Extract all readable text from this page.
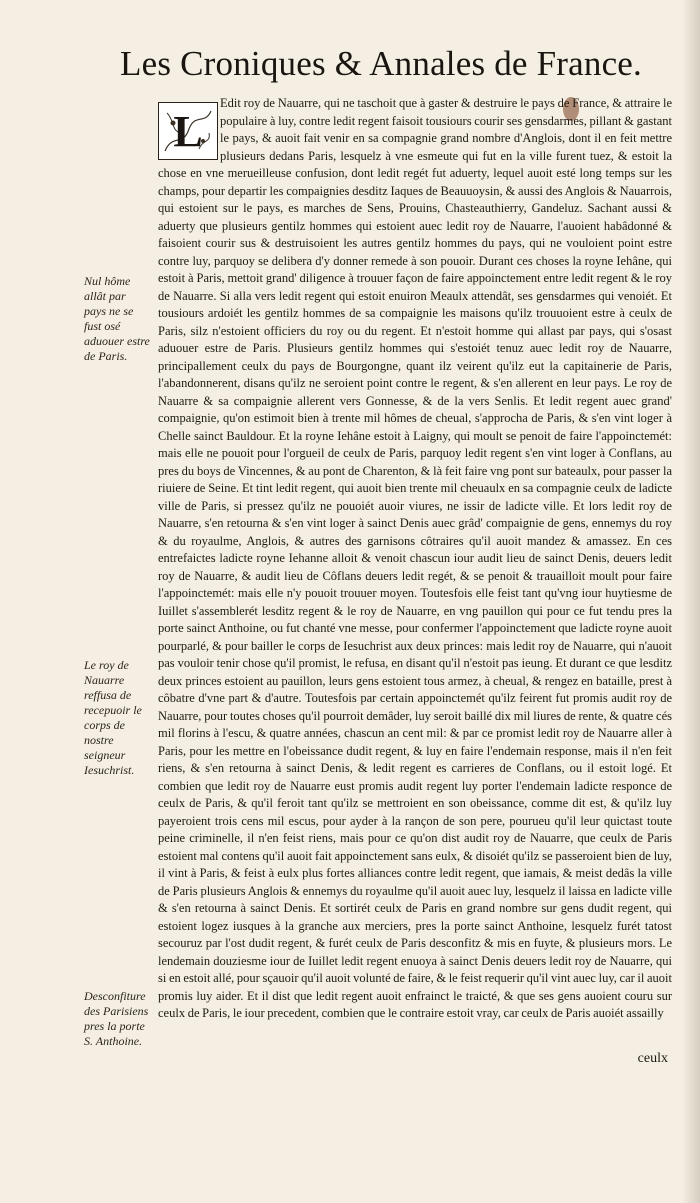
Les Croniques & Annales de France.
L

Edit roy de Nauarre, qui ne taschoit que à gaster & destruire le pays de France, & attraire le populaire à luy, contre ledit regent faisoit tousiours courir ses gensdarmes, pillant & gastant le pays, & auoit fait venir en sa compagnie grand nombre d'Anglois, dont il en feit mettre plusieurs dedans Paris, lesquelz à vne esmeute qui fut en la ville furent tuez, & estoit la chose en vne merueilleuse confusion, dont ledit regét fut aduerty, lequel auoit esté long temps sur les champs, pour departir les compaignies desditz Iaques de Beauuoysin, & aussi des Anglois & Nauarrois, qui estoient sur le pays, es marches de Sens, Prouins, Chasteauthierry, Gandeluz. Sachant aussi & aduerty que plusieurs gentilz hommes qui estoient auec ledit roy de Nauarre, l'auoient habâdonné & faisoient courir sus & destruisoient les autres gentilz hommes du pays, qui ne vouloient point estre contre luy, parquoy se delibera d'y donner remede à son pouoir. Durant ces choses la royne Iehâne, qui estoit à Paris, mettoit grand' diligence à trouuer façon de faire appoinctement entre ledit regent & le roy de Nauarre. Si alla vers ledit regent qui estoit enuiron Meaulx attendât, ses gensdarmes qui venoiét. Et tousiours ardoiét les gentilz hommes de sa compaignie les maisons qu'ilz trouuoient estre à ceulx de Paris, silz n'estoient officiers du roy ou du regent. Et n'estoit homme qui allast par pays, qui s'osast aduouer estre de Paris. Plusieurs gentilz hommes qui s'estoiét tenuz auec ledit roy de Nauarre, principallement ceulx du pays de Bourgongne, quant ilz veirent qu'ilz eut la capitainerie de Paris, l'abandonnerent, disans qu'ilz ne seroient point contre le regent, & s'en allerent en leur pays. Le roy de Nauarre & sa compaignie allerent vers Gonnesse, & de la vers Senlis. Et ledit regent auec grand' compaignie, qu'on estimoit bien à trente mil hômes de cheual, s'approcha de Paris, & s'en vint loger à Chelle sainct Bauldour. Et la royne Iehâne estoit à Laigny, qui moult se penoit de faire l'appoinctemét: mais elle ne pouoit pour l'orgueil de ceulx de Paris, parquoy ledit regent s'en vint loger à Conflans, au pres du boys de Vincennes, & au pont de Charenton, & là feit faire vng pont sur bateaulx, pour passer la riuiere de Seine. Et tint ledit regent, qui auoit bien trente mil cheuaulx en sa compagnie ceulx de ladicte ville de Paris, si pressez qu'ilz ne pouoiét auoir viures, ne issir de ladicte ville. Et lors ledit roy de Nauarre, s'en retourna & s'en vint loger à sainct Denis auec grâd' compaignie de gens, ennemys du roy & du royaulme, Anglois, & autres des garnisons côtraires qu'il auoit mandez & amassez. En ces entrefaictes ladicte royne Iehanne alloit & venoit chascun iour audit lieu de sainct Denis, deuers ledit roy de Nauarre, & audit lieu de Côflans deuers ledit regét, & se penoit & trauailloit moult pour faire l'appoinctemét: mais elle n'y pouoit trouuer moyen. Toutesfois elle feist tant qu'vng iour huytiesme de Iuillet s'assemblerét lesditz regent & le roy de Nauarre, en vng pauillon qui pour ce fut tendu pres la porte sainct Anthoine, ou fut chanté vne messe, pour confermer l'appoinctement que ladicte royne auoit pourparlé, & pour bailler le corps de Iesuchrist aux deux princes: mais ledit roy de Nauarre, qui n'auoit pas vouloir tenir chose qu'il promist, le refusa, en disant qu'il n'estoit pas ieung. Et durant ce que lesditz deux princes estoient au pauillon, leurs gens estoient tous armez, à cheual, & rengez en bataille, prest à côbatre d'vne part & d'autre. Toutesfois par certain appoinctemét qu'ilz feirent fut promis audit roy de Nauarre, pour toutes choses qu'il pourroit demâder, luy seroit baillé dix mil liures de rente, & quatre cés mil florins à l'escu, & quatre années, chascun an cent mil: & par ce promist ledit roy de Nauarre aller à Paris, pour les mettre en l'obeissance dudit regent, & luy en faire l'endemain response, mais il n'en feit riens, & s'en retourna à sainct Denis, & ledit regent es carrieres de Conflans, ou il estoit logé. Et combien que ledit roy de Nauarre eust promis audit regent luy porter l'endemain ladicte responce de ceulx de Paris, & qu'il feroit tant qu'ilz se mettroient en son obeissance, comme dit est, & qu'ilz luy payeroient trois cens mil escus, pour ayder à la rançon de son pere, pourueu qu'il leur quictast toute peine criminelle, il n'en feist riens, mais pour ce qu'on dist audit roy de Nauarre, que ceulx de Paris estoient mal contens qu'il auoit fait appoinctement sans eulx, & disoiét qu'ilz se passeroient bien de luy, il vint à Paris, & feist à eulx plus fortes alliances contre ledit regent, que iamais, & meist dedâs la ville de Paris plusieurs Anglois & ennemys du royaulme qu'il auoit auec luy, lesquelz il laissa en ladicte ville & s'en retourna à sainct Denis. Et sortirét ceulx de Paris en grand nombre sur gens dudit regent, qui estoient logez iusques à la granche aux merciers, pres la porte sainct Anthoine, lesquelz furét tatost secouruz par l'ost dudit regent, & furét ceulx de Paris desconfitz & mis en fuyte, & plusieurs mors. Le lendemain douziesme iour de Iuillet ledit regent enuoya à sainct Denis deuers ledit roy de Nauarre, qui si en estoit allé, pour sçauoir qu'il auoit volunté de faire, & le feist requerir qu'il vint auec luy, car il auoit promis luy aider. Et il dist que ledit regent auoit enfrainct le traicté, & que ses gens auoient couru sur ceulx de Paris, le iour precedent, combien que le contraire estoit vray, car ceulx de Paris auoiét assailly

Nul hôme allât par pays ne se fust osé aduouer estre de Paris.
Le roy de Nauarre reffusa de recepuoir le corps de nostre seigneur Iesuchrist.
Desconfiture des Parisiens pres la porte S. Anthoine.
ceulx
